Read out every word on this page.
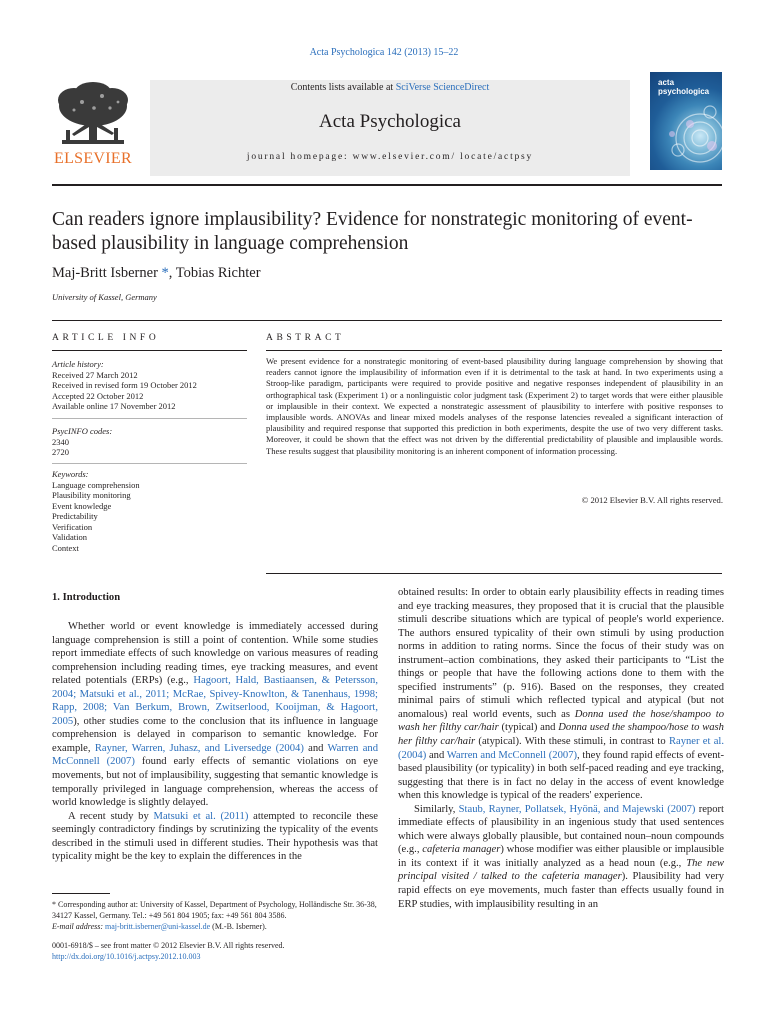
Acta Psychologica 142 (2013) 15–22
Contents lists available at SciVerse ScienceDirect
Acta Psychologica
journal homepage: www.elsevier.com/ locate/actpsy
ELSEVIER
acta
psychologica
Can readers ignore implausibility? Evidence for nonstrategic monitoring of event-based plausibility in language comprehension
Maj-Britt Isberner *, Tobias Richter
University of Kassel, Germany
ARTICLE INFO	ABSTRACT
Article history:
Received 27 March 2012
Received in revised form 19 October 2012
Accepted 22 October 2012
Available online 17 November 2012
PsycINFO codes:
2340
2720
Keywords:
Language comprehension
Plausibility monitoring
Event knowledge
Predictability
Verification
Validation
Context
We present evidence for a nonstrategic monitoring of event-based plausibility during language comprehension by showing that readers cannot ignore the implausibility of information even if it is detrimental to the task at hand. In two experiments using a Stroop-like paradigm, participants were required to provide positive and negative responses independent of plausibility in an orthographical task (Experiment 1) or a nonlinguistic color judgment task (Experiment 2) to target words that were either plausible or implausible in their context. We expected a nonstrategic assessment of plausibility to interfere with positive responses to implausible words. ANOVAs and linear mixed models analyses of the response latencies revealed a significant interaction of plausibility and required response that supported this prediction in both experiments, despite the use of two very different tasks. Moreover, it could be shown that the effect was not driven by the differential predictability of plausible and implausible words. These results suggest that plausibility monitoring is an inherent component of information processing.
© 2012 Elsevier B.V. All rights reserved.
1. Introduction

Whether world or event knowledge is immediately accessed during language comprehension is still a point of contention. While some studies report immediate effects of such knowledge on various measures of reading comprehension including reading times, eye tracking measures, and event related potentials (ERPs) (e.g., Hagoort, Hald, Bastiaansen, & Petersson, 2004; Matsuki et al., 2011; McRae, Spivey-Knowlton, & Tanenhaus, 1998; Rapp, 2008; Van Berkum, Brown, Zwitserlood, Kooijman, & Hagoort, 2005), other studies come to the conclusion that its influence in language comprehension is delayed in comparison to semantic knowledge. For example, Rayner, Warren, Juhasz, and Liversedge (2004) and Warren and McConnell (2007) found early effects of semantic violations on eye movements, but not of implausibility, suggesting that semantic knowledge is temporally privileged in language comprehension, whereas the access of world knowledge is slightly delayed.

A recent study by Matsuki et al. (2011) attempted to reconcile these seemingly contradictory findings by scrutinizing the typicality of the events described in the stimuli used in different studies. Their hypothesis was that typicality might be the key to explain the differences in the

obtained results: In order to obtain early plausibility effects in reading times and eye tracking measures, they proposed that it is crucial that the plausible stimuli describe situations which are typical of people's world experience. The authors ensured typicality of their own stimuli by using production norms in addition to rating norms. Since the focus of their study was on instrument–action combinations, they asked their participants to “List the things or people that have the following actions done to them with the specified instruments” (p. 916). Based on the responses, they created minimal pairs of stimuli which reflected typical and atypical (but not anomalous) real world events, such as Donna used the hose/shampoo to wash her filthy car/hair (typical) and Donna used the shampoo/hose to wash her filthy car/hair (atypical). With these stimuli, in contrast to Rayner et al. (2004) and Warren and McConnell (2007), they found rapid effects of event-based plausibility (or typicality) in both self-paced reading and eye tracking, suggesting that there is in fact no delay in the access of event knowledge when this knowledge is typical of the readers' experience.

Similarly, Staub, Rayner, Pollatsek, Hyönä, and Majewski (2007) report immediate effects of plausibility in an ingenious study that used sentences which were always globally plausible, but contained noun–noun compounds (e.g., cafeteria manager) whose modifier was either plausible or implausible in its context if it was initially analyzed as a head noun (e.g., The new principal visited / talked to the cafeteria manager). Plausibility had very rapid effects on eye movements, much faster than effects usually found in ERP studies, with implausibility resulting in an

* Corresponding author at: University of Kassel, Department of Psychology, Holländische Str. 36-38, 34127 Kassel, Germany. Tel.: +49 561 804 1905; fax: +49 561 804 3586.
E-mail address: maj-britt.isberner@uni-kassel.de (M.-B. Isberner).
0001-6918/$ – see front matter © 2012 Elsevier B.V. All rights reserved.
http://dx.doi.org/10.1016/j.actpsy.2012.10.003
